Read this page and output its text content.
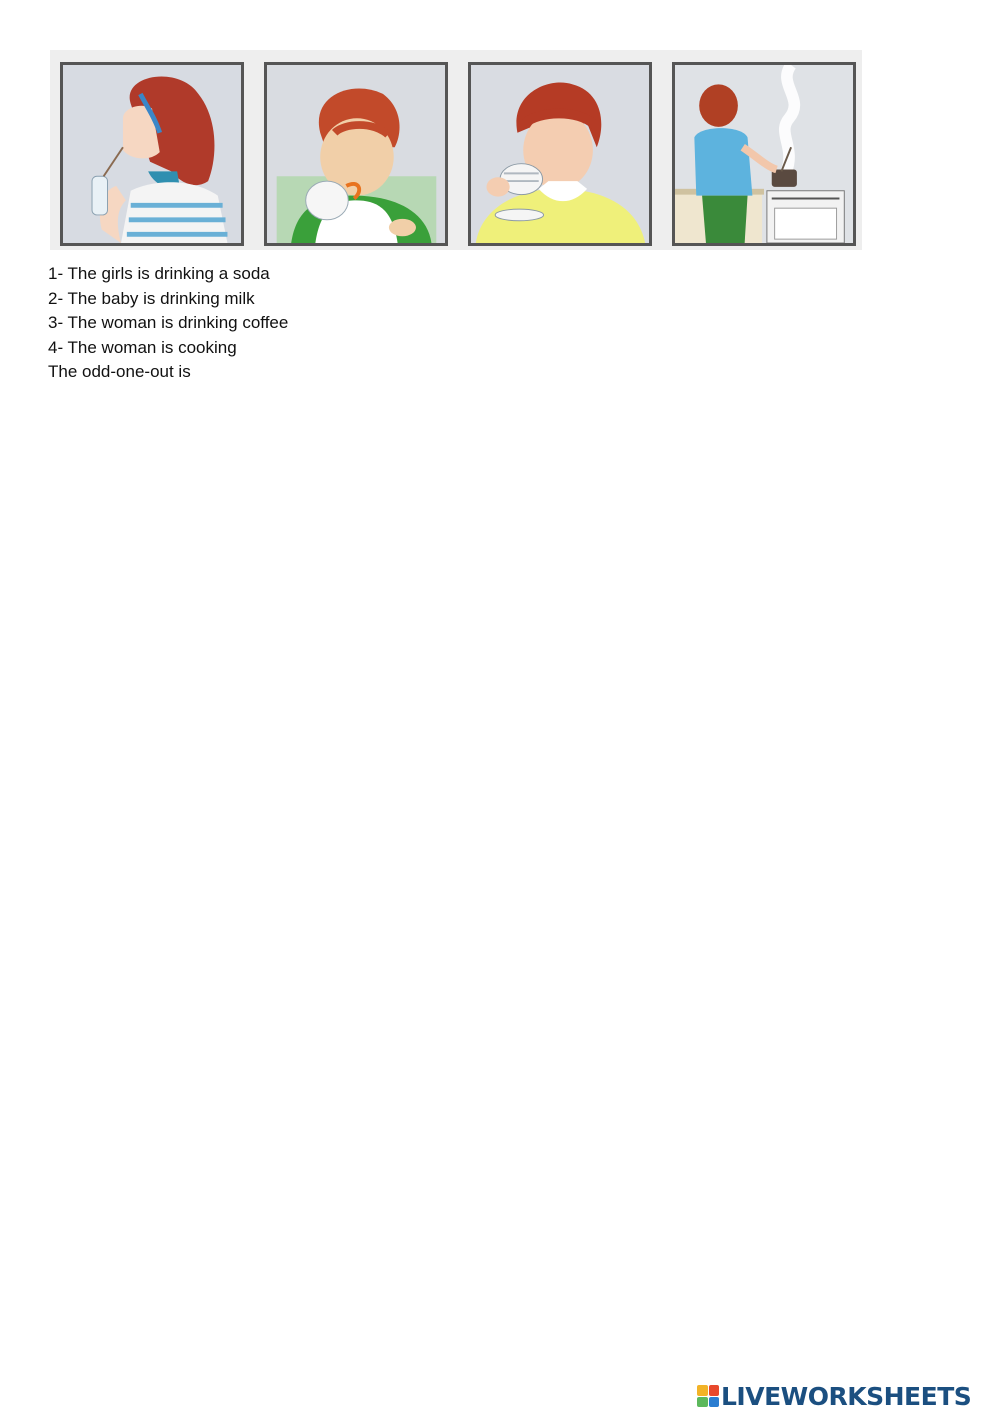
1- The girls is drinking a soda
2- The baby is drinking milk
3- The woman is drinking coffee
4- The woman is cooking
The odd-one-out is
LIVEWORKSHEETS
